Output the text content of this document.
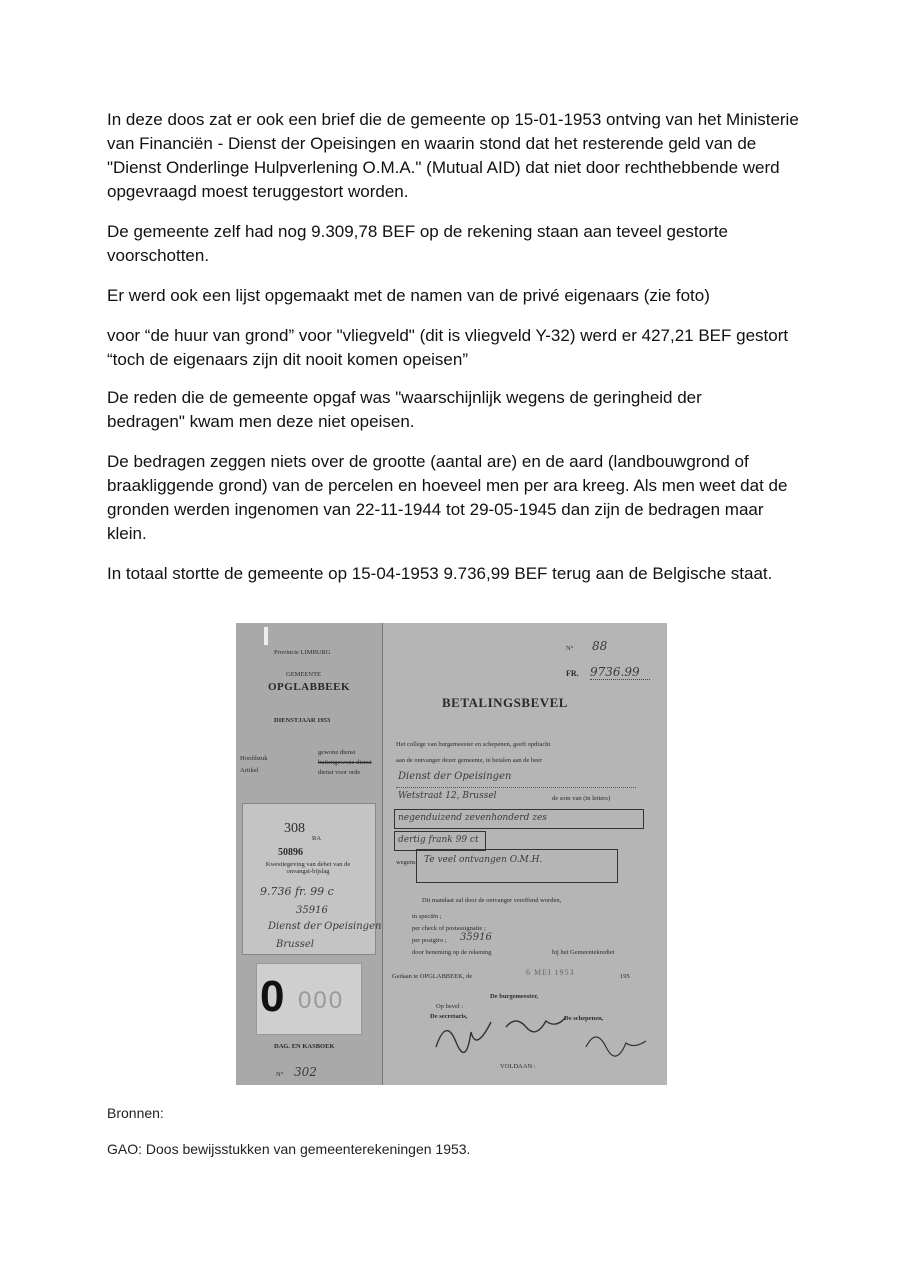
In deze doos zat er ook een brief die de gemeente op 15-01-1953 ontving van het Ministerie van Financiën - Dienst der Opeisingen en waarin stond dat het resterende geld van de "Dienst Onderlinge Hulpverlening O.M.A." (Mutual AID) dat niet door rechthebbende werd opgevraagd moest teruggestort worden.

De gemeente zelf had nog 9.309,78 BEF op de rekening staan aan teveel gestorte voorschotten.

Er werd ook een lijst opgemaakt met de namen van de privé eigenaars (zie foto)

voor “de huur van grond” voor "vliegveld" (dit is vliegveld Y-32) werd er 427,21 BEF gestort “toch de eigenaars zijn dit nooit komen opeisen”

De reden die de gemeente opgaf was "waarschijnlijk wegens de geringheid der bedragen" kwam men deze niet opeisen.

De bedragen zeggen niets over de grootte (aantal are) en de aard (landbouwgrond of braakliggende grond) van de percelen en hoeveel men per ara kreeg. Als men weet dat de gronden werden ingenomen van 22-11-1944 tot 29-05-1945 dan zijn de bedragen maar klein.

In totaal stortte de gemeente op 15-04-1953 9.736,99 BEF terug aan de Belgische staat.

Provincie LIMBURG
GEMEENTE
OPGLABBEEK
DIENSTJAAR 1953
Hoofdstuk
Artikel
gewone dienst
buitengewone dienst
dienst voor orde
308
RA
50896
Kwestiegeving van debet van de onvangst-bijslag
9.736 fr. 99 c
35916
Dienst der Opeisingen
Brussel
0 000
DAG. EN KASBOEK
N° 302
N° 88
FR. 9736.99
BETALINGSBEVEL
Het college van burgemeester en schepenen, geeft opdracht
aan de ontvanger dezer gemeente, te betalen aan de heer
Dienst der Opeisingen
Wetstraat 12, Brussel	de som van (in letters)
negenduizend zevenhonderd zes
dertig frank 99 ct
wegens Te veel ontvangen O.M.H.
Dit mandaat zal door de ontvanger vereffend worden,
in speciën ;
per check of postassignatie ;
per postgiro ; 35916
door beneming op de rekening	bij het Gemeentekrediet
Gedaan te OPGLABBEEK, de	6 MEI 1953	195
De burgemeester,
Op bevel :
De secretaris,	De schepenen,
VOLDAAN :

Bronnen:

GAO: Doos bewijsstukken van gemeenterekeningen 1953.
